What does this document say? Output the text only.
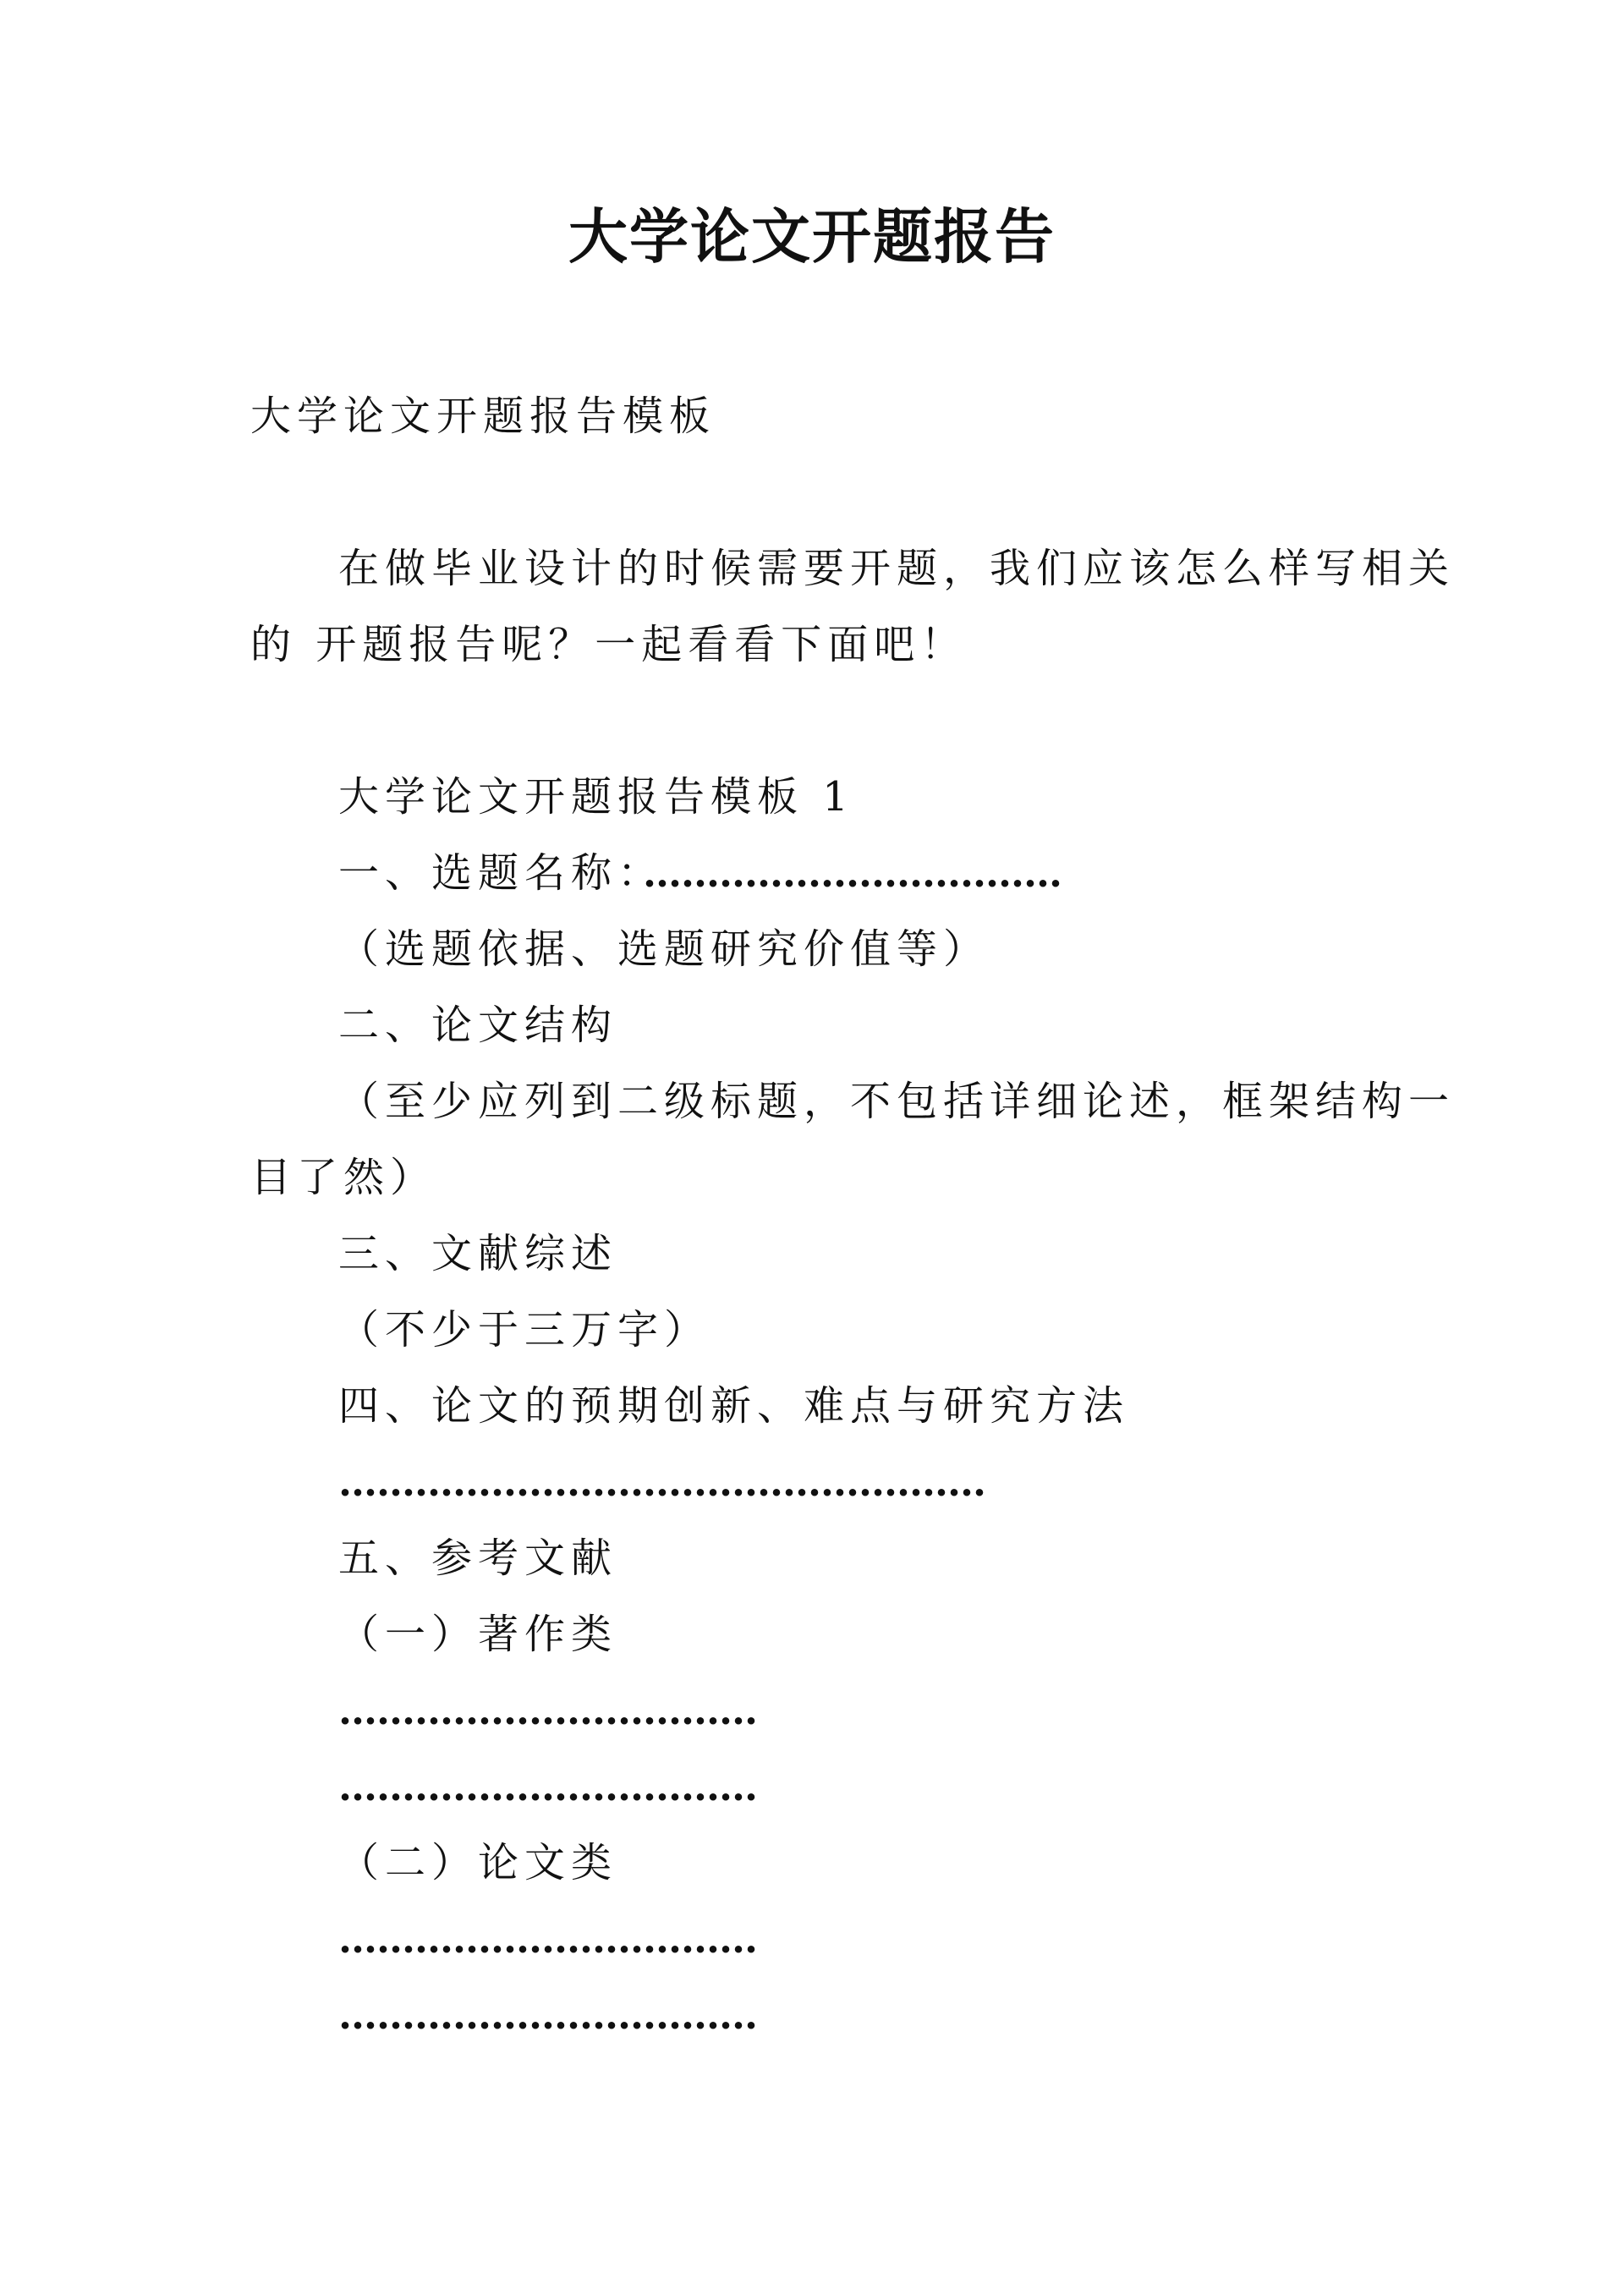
大学论文开题报告
大学论文开题报告模板
在做毕业设计的时候需要开题，我们应该怎么样写相关
的 开题报告呢？一起看看下面吧！
大学论文开题报告模板 1
一、选题名称：
……………………………
（选题依据、选题研究价值等）
二、论文结构
（至少应列到二级标题，不包括详细论述，框架结构一
目了然）
三、文献综述
（不少于三万字）
四、论文的预期创新、难点与研究方法
……………………………………………
五、参考文献
（一）著作类
……………………………
……………………………
（二）论文类
……………………………
……………………………
